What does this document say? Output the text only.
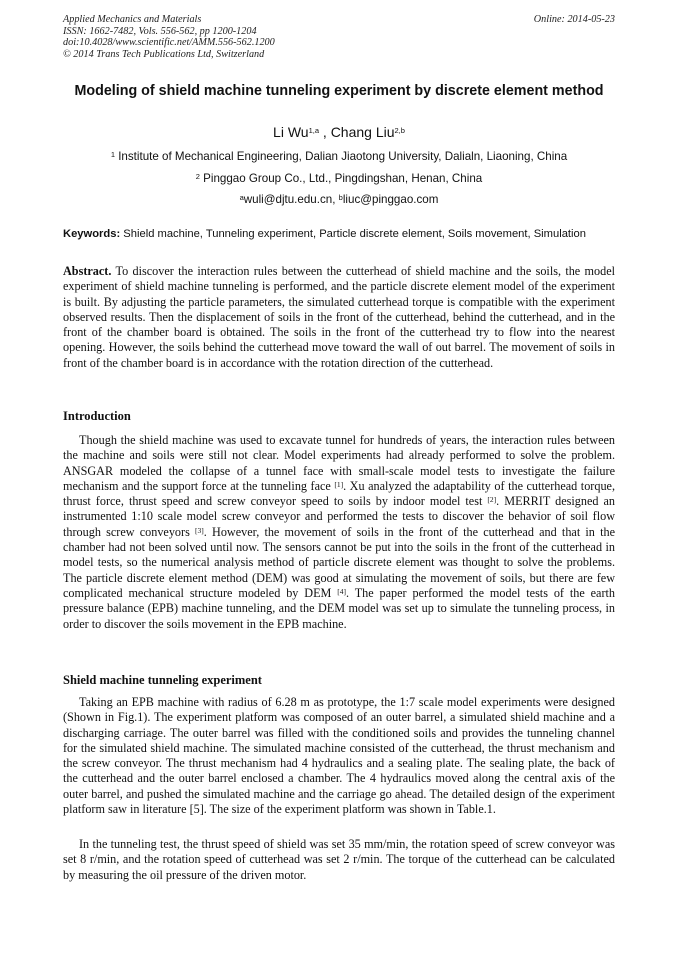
Applied Mechanics and Materials
ISSN: 1662-7482, Vols. 556-562, pp 1200-1204
doi:10.4028/www.scientific.net/AMM.556-562.1200
© 2014 Trans Tech Publications Ltd, Switzerland
Online: 2014-05-23
Modeling of shield machine tunneling experiment by discrete element method
Li Wu$^{1,a}$ , Chang Liu$^{2,b}$
$^1$ Institute of Mechanical Engineering, Dalian Jiaotong University, Dalialn, Liaoning, China
$^2$ Pinggao Group Co., Ltd., Pingdingshan, Henan, China
$^a$wuli@djtu.edu.cn, $^b$liuc@pinggao.com
Keywords: Shield machine, Tunneling experiment, Particle discrete element, Soils movement, Simulation
Abstract. To discover the interaction rules between the cutterhead of shield machine and the soils, the model experiment of shield machine tunneling is performed, and the particle discrete element model of the experiment is built. By adjusting the particle parameters, the simulated cutterhead torque is compatible with the experiment observed results. Then the displacement of soils in the front of the cutterhead, behind the cutterhead, and in the front of the chamber board is obtained. The soils in the front of the cutterhead try to flow into the nearest opening. However, the soils behind the cutterhead move toward the wall of out barrel. The movement of soils in front of the chamber board is in accordance with the rotation direction of the cutterhead.
Introduction
Though the shield machine was used to excavate tunnel for hundreds of years, the interaction rules between the machine and soils were still not clear. Model experiments had already performed to solve the problem. ANSGAR modeled the collapse of a tunnel face with small-scale model tests to investigate the failure mechanism and the support force at the tunneling face [1]. Xu analyzed the adaptability of the cutterhead torque, thrust force, thrust speed and screw conveyor speed to soils by indoor model test [2]. MERRIT designed an instrumented 1:10 scale model screw conveyor and performed the tests to discover the behavior of soil flow through screw conveyors [3]. However, the movement of soils in the front of the cutterhead and that in the chamber had not been solved until now. The sensors cannot be put into the soils in the front of the cutterhead in model tests, so the numerical analysis method of particle discrete element was thought to solve the problems. The particle discrete element method (DEM) was good at simulating the movement of soils, but there are few complicated mechanical structure modeled by DEM [4]. The paper performed the model tests of the earth pressure balance (EPB) machine tunneling, and the DEM model was set up to simulate the tunneling process, in order to discover the soils movement in the EPB machine.
Shield machine tunneling experiment
Taking an EPB machine with radius of 6.28 m as prototype, the 1:7 scale model experiments were designed (Shown in Fig.1). The experiment platform was composed of an outer barrel, a simulated shield machine and a discharging carriage. The outer barrel was filled with the conditioned soils and provides the tunneling channel for the simulated shield machine. The simulated machine consisted of the cutterhead, the thrust mechanism and the screw conveyor. The thrust mechanism had 4 hydraulics and a sealing plate. The sealing plate, the back of the cutterhead and the outer barrel enclosed a chamber. The 4 hydraulics moved along the central axis of the outer barrel, and pushed the simulated machine and the carriage go ahead. The detailed design of the experiment platform saw in literature [5]. The size of the experiment platform was shown in Table.1.
In the tunneling test, the thrust speed of shield was set 35 mm/min, the rotation speed of screw conveyor was set 8 r/min, and the rotation speed of cutterhead was set 2 r/min. The torque of the cutterhead can be calculated by measuring the oil pressure of the driven motor.
